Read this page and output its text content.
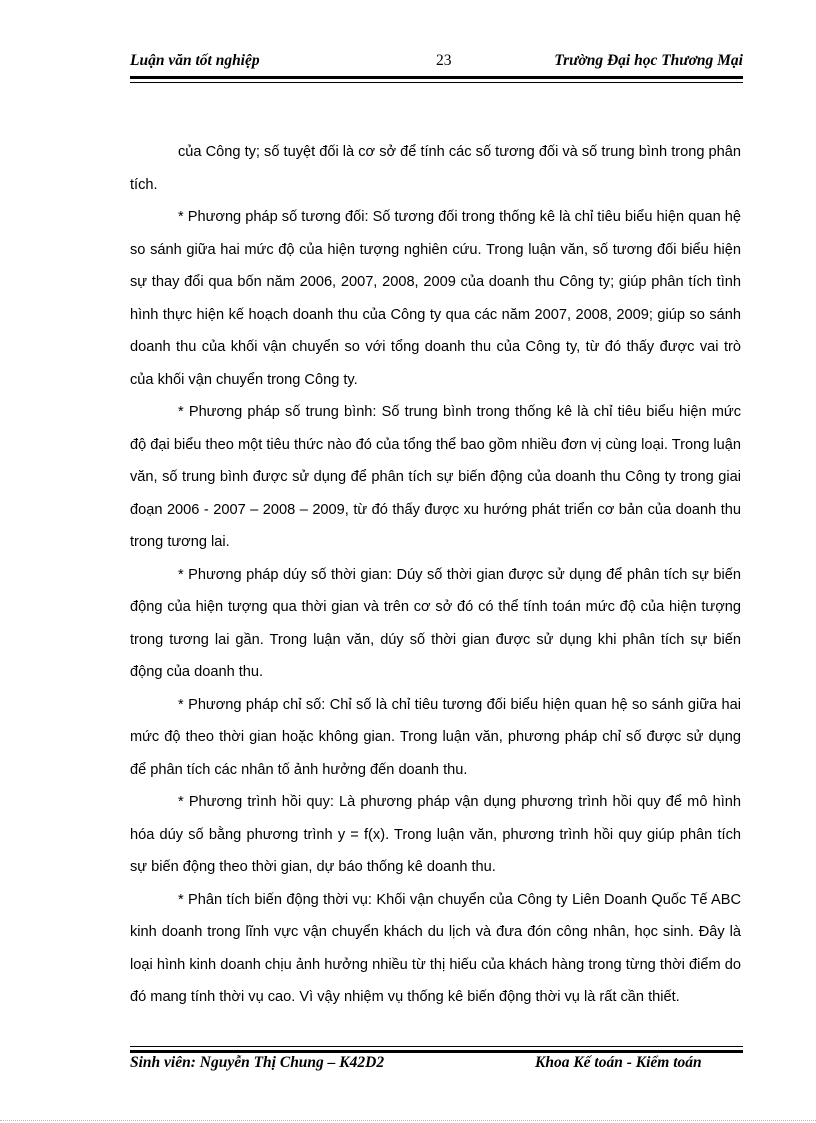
Luận văn tốt nghiệp	23	Trường Đại học Thương Mại

của Công ty; số tuyệt đối là cơ sở để tính các số tương đối và số trung bình trong phân tích.

* Phương pháp số tương đối: Số tương đối trong thống kê là chỉ tiêu biểu hiện quan hệ so sánh giữa hai mức độ của hiện tượng nghiên cứu. Trong luận văn, số tương đối biểu hiện sự thay đổi qua bốn năm 2006, 2007, 2008, 2009 của doanh thu Công ty; giúp phân tích tình hình thực hiện kế hoạch doanh thu của Công ty qua các năm 2007, 2008, 2009; giúp so sánh doanh thu của khối vận chuyển so với tổng doanh thu của Công ty, từ đó thấy được vai trò của khối vận chuyển trong Công ty.

* Phương pháp số trung bình: Số trung bình trong thống kê là chỉ tiêu biểu hiện mức độ đại biểu theo một tiêu thức nào đó của tổng thể bao gồm nhiều đơn vị cùng loại. Trong luận văn, số trung bình được sử dụng để phân tích sự biến động của doanh thu Công ty trong giai đoạn 2006 - 2007 – 2008 – 2009, từ đó thấy được xu hướng phát triển cơ bản của doanh thu trong tương lai.

* Phương pháp dúy số thời gian: Dúy số thời gian được sử dụng để phân tích sự biến động của hiện tượng qua thời gian và trên cơ sở đó có thể tính toán mức độ của hiện tượng trong tương lai gần. Trong luận văn, dúy số thời gian được sử dụng khi phân tích sự biến động của doanh thu.

* Phương pháp chỉ số: Chỉ số là chỉ tiêu tương đối biểu hiện quan hệ so sánh giữa hai mức độ theo thời gian hoặc không gian. Trong luận văn, phương pháp chỉ số được sử dụng để phân tích các nhân tố ảnh hưởng đến doanh thu.

* Phương trình hồi quy: Là phương pháp vận dụng phương trình hồi quy để mô hình hóa dúy số bằng phương trình y = f(x). Trong luận văn, phương trình hồi quy giúp phân tích sự biến động theo thời gian, dự báo thống kê doanh thu.

* Phân tích biến động thời vụ: Khối vận chuyển của Công ty Liên Doanh Quốc Tế ABC kinh doanh trong lĩnh vực vận chuyển khách du lịch và đưa đón công nhân, học sinh. Đây là loại hình kinh doanh chịu ảnh hưởng nhiều từ thị hiếu của khách hàng trong từng thời điểm do đó mang tính thời vụ cao. Vì vậy nhiệm vụ thống kê biến động thời vụ là rất cần thiết.

Sinh viên: Nguyễn Thị Chung – K42D2	Khoa Kế toán - Kiểm toán
